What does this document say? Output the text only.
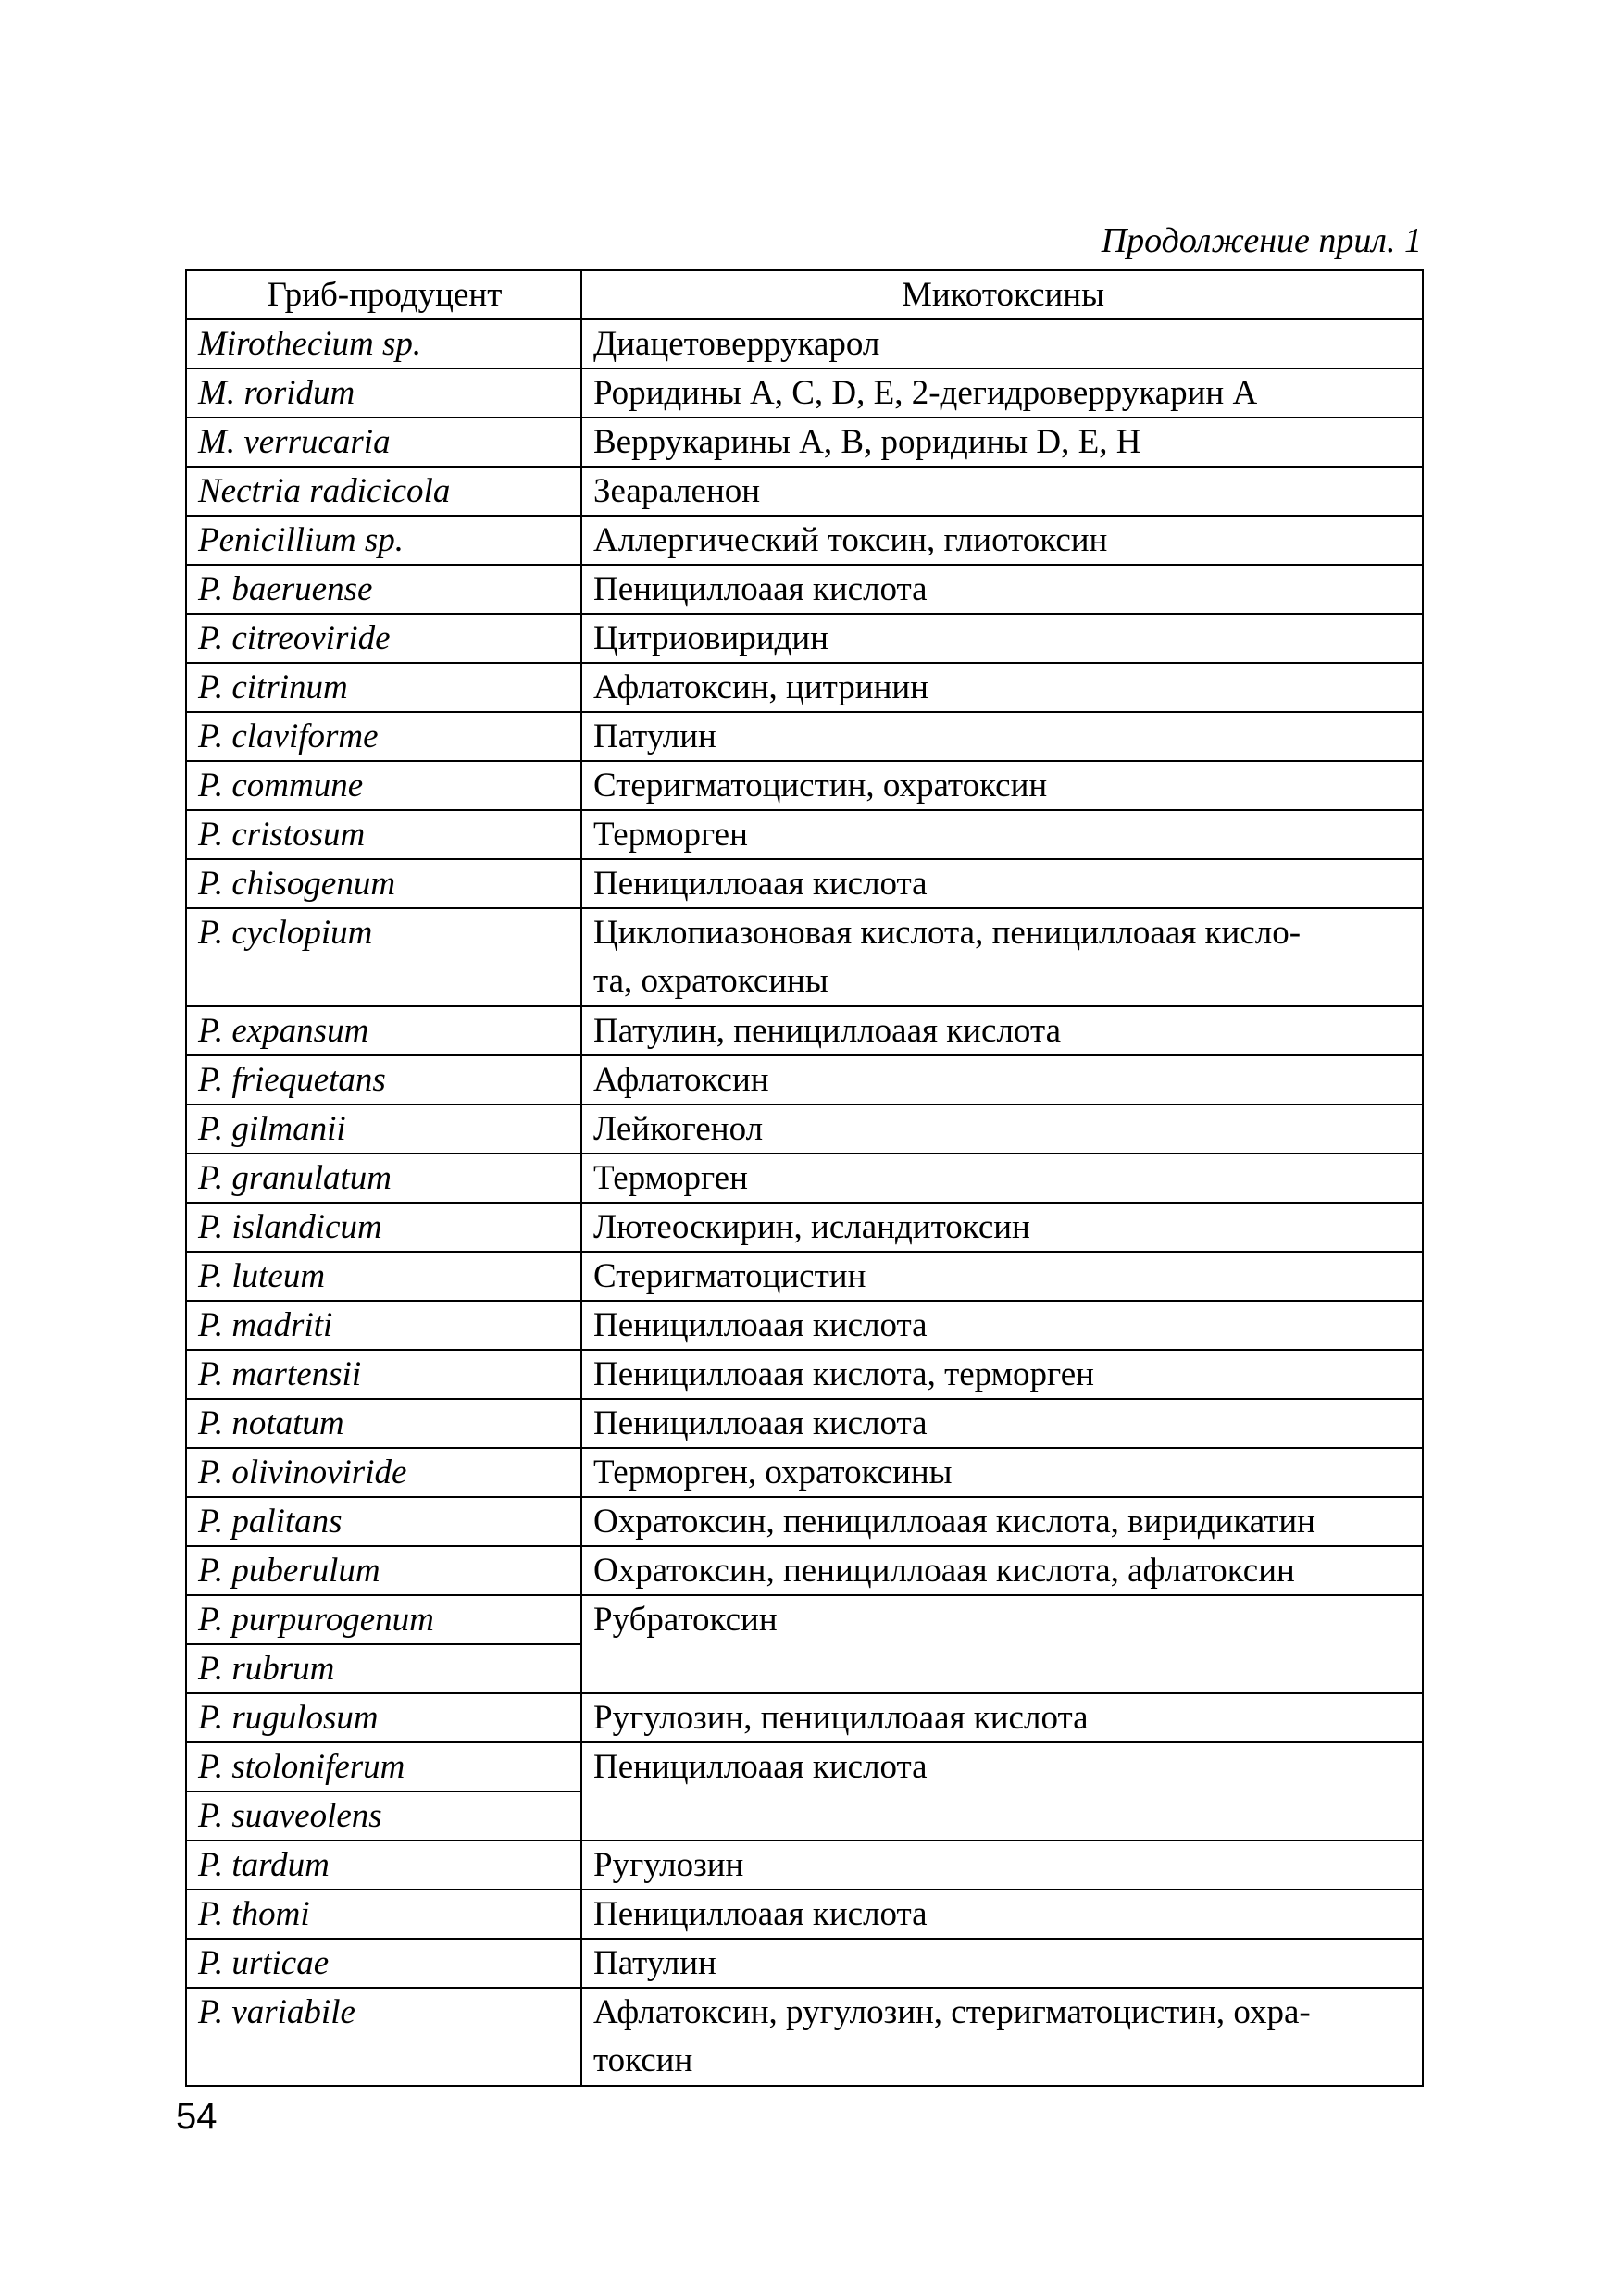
Продолжение прил. 1
Гриб-продуцент	Микотоксины
Mirothecium sp.	Диацетоверрукарол
M. roridum	Роридины A, C, D, E, 2-дегидроверрукарин A
M. verrucaria	Веррукарины A, B, роридины D, E, H
Nectria radicicola	Зеараленон
Penicillium sp.	Аллергический токсин, глиотоксин
P. baeruense	Пенициллоaая кислота
P. citreoviride	Цитриовиридин
P. citrinum	Афлатоксин, цитринин
P. claviforme	Патулин
P. commune	Стеригматоцистин, охратоксин
P. cristosum	Терморген
P. chisogenum	Пенициллоaая кислота
P. cyclopium	Циклопиазоновая кислота, пенициллоaая кисло-
та, охратоксины
P. expansum	Патулин, пенициллоaая кислота
P. friequetans	Афлатоксин
P. gilmanii	Лейкогенол
P. granulatum	Терморген
P. islandicum	Лютеоскирин, исландитоксин
P. luteum	Стеригматоцистин
P. madriti	Пенициллоaая кислота
P. martensii	Пенициллоaая кислота, терморген
P. notatum	Пенициллоaая кислота
P. olivinoviride	Терморген, охратоксины
P. palitans	Охратоксин, пенициллоaая кислота, виридикатин
P. puberulum	Охратоксин, пенициллоaая кислота, афлатоксин
P. purpurogenum	Рубратоксин
P. rubrum	
P. rugulosum	Ругулозин, пенициллоaая кислота
P. stoloniferum	Пенициллоaая кислота
P. suaveolens	
P. tardum	Ругулозин
P. thomi	Пенициллоaая кислота
P. urticae	Патулин
P. variabile	Афлатоксин, ругулозин, стеригматоцистин, охра-
токсин
54
